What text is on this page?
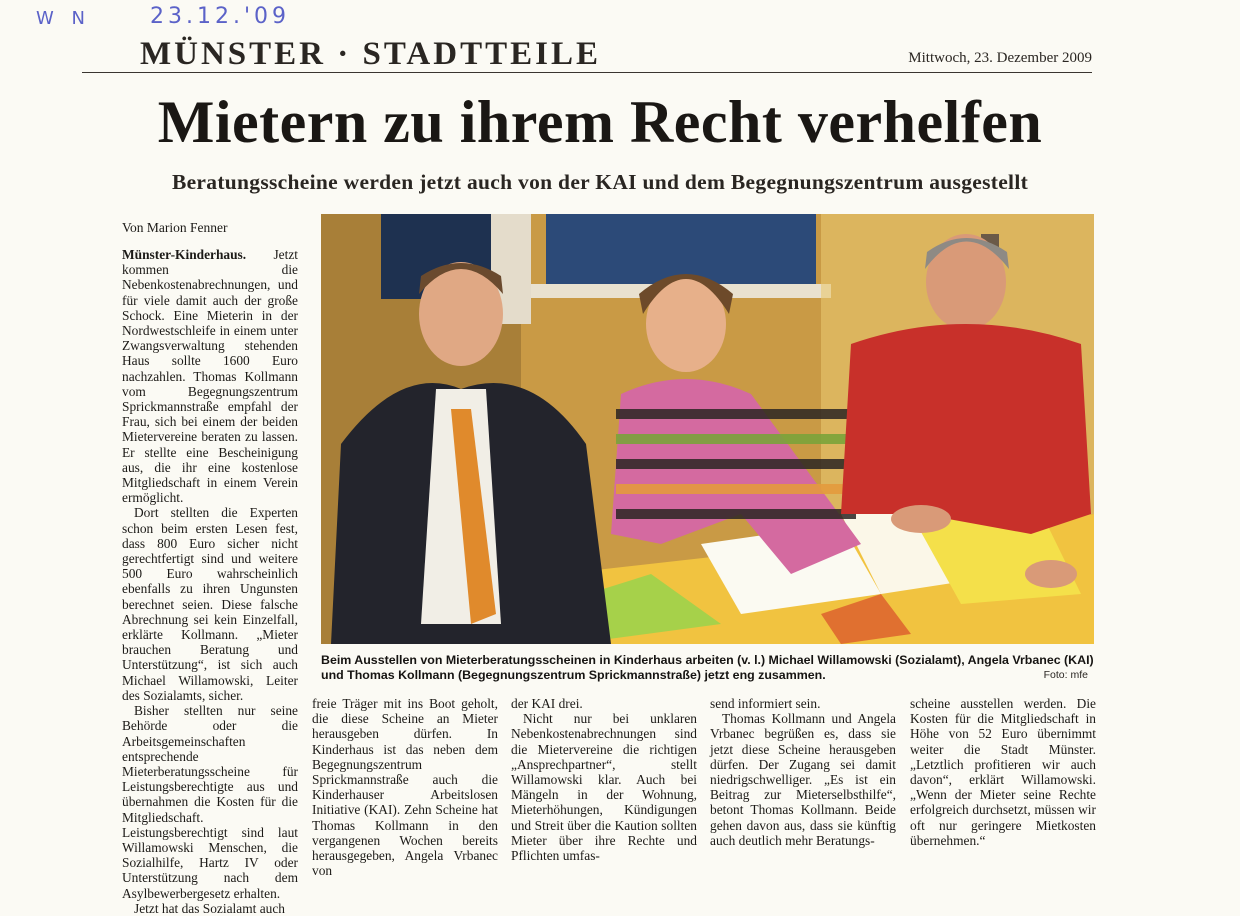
W N	23.12.'09
MÜNSTER · STADTTEILE	Mittwoch, 23. Dezember 2009
Mietern zu ihrem Recht verhelfen
Beratungsscheine werden jetzt auch von der KAI und dem Begegnungszentrum ausgestellt
Von Marion Fenner

Münster-Kinderhaus. Jetzt kommen die Nebenkostenabrechnungen, und für viele damit auch der große Schock. Eine Mieterin in der Nordwestschleife in einem unter Zwangsverwaltung stehenden Haus sollte 1600 Euro nachzahlen. Thomas Kollmann vom Begegnungszentrum Sprickmannstraße empfahl der Frau, sich bei einem der beiden Mietervereine beraten zu lassen. Er stellte eine Bescheinigung aus, die ihr eine kostenlose Mitgliedschaft in einem Verein ermöglicht.

Dort stellten die Experten schon beim ersten Lesen fest, dass 800 Euro sicher nicht gerechtfertigt sind und weitere 500 Euro wahrscheinlich ebenfalls zu ihren Ungunsten berechnet seien. Diese falsche Abrechnung sei kein Einzelfall, erklärte Kollmann. „Mieter brauchen Beratung und Unterstützung“, ist sich auch Michael Willamowski, Leiter des Sozialamts, sicher.

Bisher stellten nur seine Behörde oder die Arbeitsgemeinschaften entsprechende Mieterberatungsscheine für Leistungsberechtigte aus und übernahmen die Kosten für die Mitgliedschaft. Leistungsberechtigt sind laut Willamowski Menschen, die Sozialhilfe, Hartz IV oder Unterstützung nach dem Asylbewerbergesetz erhalten.

Jetzt hat das Sozialamt auch

Beim Ausstellen von Mieterberatungsscheinen in Kinderhaus arbeiten (v. l.) Michael Willamowski (Sozialamt), Angela Vrbanec (KAI) und Thomas Kollmann (Begegnungszentrum Sprickmannstraße) jetzt eng zusammen.	Foto: mfe

freie Träger mit ins Boot geholt, die diese Scheine an Mieter herausgeben dürfen. In Kinderhaus ist das neben dem Begegnungszentrum Sprickmannstraße auch die Kinderhauser Arbeitslosen Initiative (KAI). Zehn Scheine hat Thomas Kollmann in den vergangenen Wochen bereits herausgegeben, Angela Vrbanec von

der KAI drei.

Nicht nur bei unklaren Nebenkostenabrechnungen sind die Mietervereine die richtigen „Ansprechpartner“, stellt Willamowski klar. Auch bei Mängeln in der Wohnung, Mieterhöhungen, Kündigungen und Streit über die Kaution sollten Mieter über ihre Rechte und Pflichten umfas-

send informiert sein.

Thomas Kollmann und Angela Vrbanec begrüßen es, dass sie jetzt diese Scheine herausgeben dürfen. Der Zugang sei damit niedrigschwelliger. „Es ist ein Beitrag zur Mieterselbsthilfe“, betont Thomas Kollmann. Beide gehen davon aus, dass sie künftig auch deutlich mehr Beratungs-

scheine ausstellen werden. Die Kosten für die Mitgliedschaft in Höhe von 52 Euro übernimmt weiter die Stadt Münster. „Letztlich profitieren wir auch davon“, erklärt Willamowski. „Wenn der Mieter seine Rechte erfolgreich durchsetzt, müssen wir oft nur geringere Mietkosten übernehmen.“
